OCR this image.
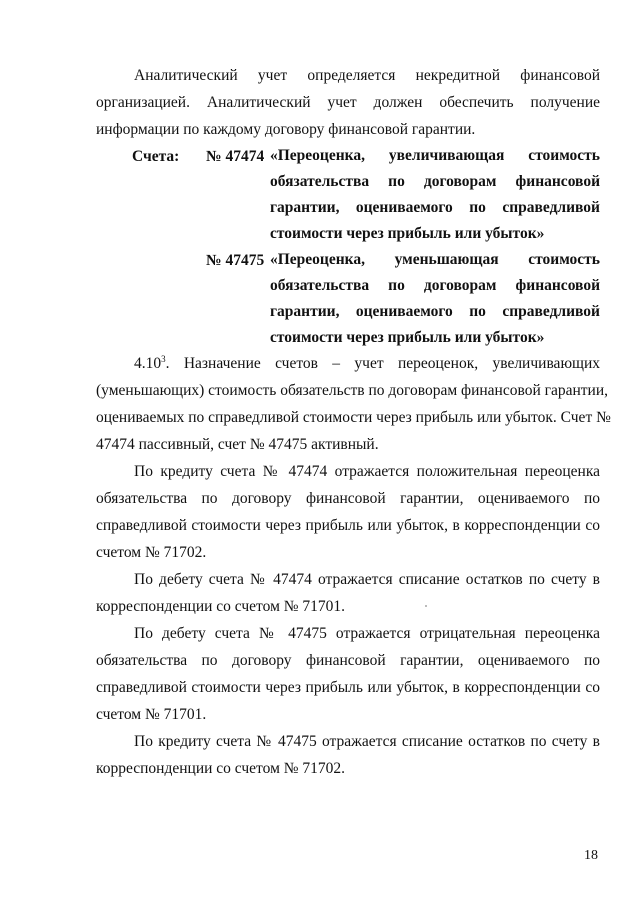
Аналитический учет определяется некредитной финансовой
организацией. Аналитический учет должен обеспечить получение
информации по каждому договору финансовой гарантии.
Счета: № 47474 «Переоценка, увеличивающая стоимость
обязательства по договорам финансовой
гарантии, оцениваемого по справедливой
стоимости через прибыль или убыток»
№ 47475 «Переоценка, уменьшающая стоимость
обязательства по договорам финансовой
гарантии, оцениваемого по справедливой
стоимости через прибыль или убыток»
4.10$^3$. Назначение счетов – учет переоценок, увеличивающих
(уменьшающих) стоимость обязательств по договорам финансовой гарантии,
оцениваемых по справедливой стоимости через прибыль или убыток. Счет №
47474 пассивный, счет № 47475 активный.
По кредиту счета № 47474 отражается положительная переоценка
обязательства по договору финансовой гарантии, оцениваемого по
справедливой стоимости через прибыль или убыток, в корреспонденции со
счетом № 71702.
По дебету счета № 47474 отражается списание остатков по счету в
корреспонденции со счетом № 71701.
По дебету счета № 47475 отражается отрицательная переоценка
обязательства по договору финансовой гарантии, оцениваемого по
справедливой стоимости через прибыль или убыток, в корреспонденции со
счетом № 71701.
По кредиту счета № 47475 отражается списание остатков по счету в
корреспонденции со счетом № 71702.
18
